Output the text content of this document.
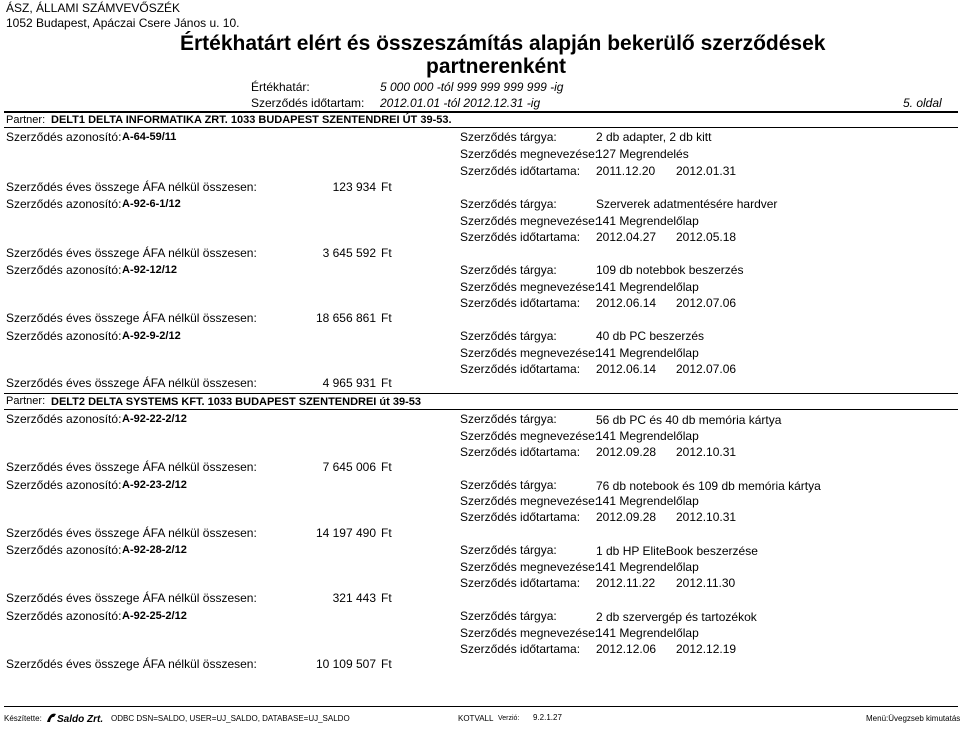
ÁSZ, ÁLLAMI SZÁMVEVŐSZÉK
1052 Budapest, Apáczai Csere János u. 10.
Értékhatárt elért és összeszámítás alapján bekerülő szerződések
partnerenként
Értékhatár:	5 000 000 -tól 999 999 999 999 -ig
Szerződés időtartam: 2012.01.01 -tól 2012.12.31 -ig	5. oldal
Partner: DELT1 DELTA INFORMATIKA ZRT. 1033 BUDAPEST SZENTENDREI ÚT 39-53.
Szerződés azonosító: A-64-59/11	Szerződés tárgya:	2 db adapter, 2 db kitt
Szerződés megnevezése:
127 Megrendelés
Szerződés időtartama: 2011.12.20 2012.01.31
Szerződés éves összege ÁFA nélkül összesen:	123 934 Ft
Szerződés azonosító: A-92-6-1/12	Szerződés tárgya:	Szerverek adatmentésére hardver
Szerződés megnevezése:
141 Megrendelőlap
Szerződés időtartama: 2012.04.27 2012.05.18
Szerződés éves összege ÁFA nélkül összesen:	3 645 592 Ft
Szerződés azonosító: A-92-12/12	Szerződés tárgya:	109 db notebbok beszerzés
Szerződés megnevezése:
141 Megrendelőlap
Szerződés időtartama: 2012.06.14 2012.07.06
Szerződés éves összege ÁFA nélkül összesen:	18 656 861 Ft
Szerződés azonosító: A-92-9-2/12	Szerződés tárgya:	40 db PC beszerzés
Szerződés megnevezése:
141 Megrendelőlap
Szerződés időtartama: 2012.06.14 2012.07.06
Szerződés éves összege ÁFA nélkül összesen:	4 965 931 Ft
Partner: DELT2 DELTA SYSTEMS KFT. 1033 BUDAPEST SZENTENDREI út 39-53
Szerződés azonosító: A-92-22-2/12	Szerződés tárgya:	56 db PC és 40 db memória kártya
Szerződés megnevezése:
141 Megrendelőlap
Szerződés időtartama: 2012.09.28 2012.10.31
Szerződés éves összege ÁFA nélkül összesen:	7 645 006 Ft
Szerződés azonosító: A-92-23-2/12	Szerződés tárgya:	76 db notebook és 109 db memória kártya
Szerződés megnevezése:
141 Megrendelőlap
Szerződés időtartama: 2012.09.28 2012.10.31
Szerződés éves összege ÁFA nélkül összesen:	14 197 490 Ft
Szerződés azonosító: A-92-28-2/12	Szerződés tárgya:	1 db HP EliteBook beszerzése
Szerződés megnevezése:
141 Megrendelőlap
Szerződés időtartama: 2012.11.22 2012.11.30
Szerződés éves összege ÁFA nélkül összesen:	321 443 Ft
Szerződés azonosító: A-92-25-2/12	Szerződés tárgya:	2 db szervergép és tartozékok
Szerződés megnevezése:
141 Megrendelőlap
Szerződés időtartama: 2012.12.06 2012.12.19
Szerződés éves összege ÁFA nélkül összesen:	10 109 507 Ft
Készítette: Saldo Zrt. ODBC DSN=SALDO, USER=UJ_SALDO, DATABASE=UJ_SALDO	KOTVALL Verzió: 9.2.1.27	Menü:Üvegzseb kimutatás
